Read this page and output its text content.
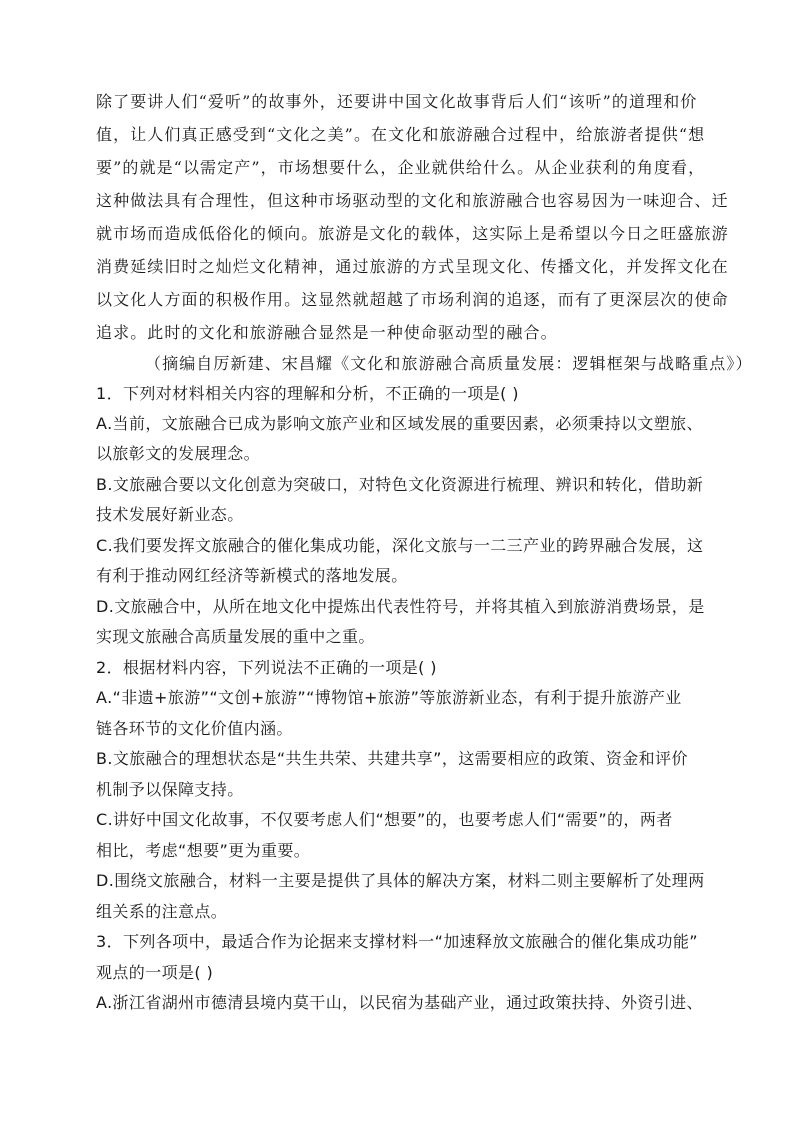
除了要讲人们“爱听”的故事外，还要讲中国文化故事背后人们“该听”的道理和价
值，让人们真正感受到“文化之美”。在文化和旅游融合过程中，给旅游者提供“想
要”的就是“以需定产”，市场想要什么，企业就供给什么。从企业获利的角度看，
这种做法具有合理性，但这种市场驱动型的文化和旅游融合也容易因为一味迎合、迁
就市场而造成低俗化的倾向。旅游是文化的载体，这实际上是希望以今日之旺盛旅游
消费延续旧时之灿烂文化精神，通过旅游的方式呈现文化、传播文化，并发挥文化在
以文化人方面的积极作用。这显然就超越了市场利润的追逐，而有了更深层次的使命
追求。此时的文化和旅游融合显然是一种使命驱动型的融合。
（摘编自厉新建、宋昌耀《文化和旅游融合高质量发展：逻辑框架与战略重点》）
1．下列对材料相关内容的理解和分析，不正确的一项是( )
A.当前，文旅融合已成为影响文旅产业和区域发展的重要因素，必须秉持以文塑旅、
以旅彰文的发展理念。
B.文旅融合要以文化创意为突破口，对特色文化资源进行梳理、辨识和转化，借助新
技术发展好新业态。
C.我们要发挥文旅融合的催化集成功能，深化文旅与一二三产业的跨界融合发展，这
有利于推动网红经济等新模式的落地发展。
D.文旅融合中，从所在地文化中提炼出代表性符号，并将其植入到旅游消费场景，是
实现文旅融合高质量发展的重中之重。
2．根据材料内容，下列说法不正确的一项是( )
A.“非遗+旅游”“文创+旅游”“博物馆+旅游”等旅游新业态，有利于提升旅游产业
链各环节的文化价值内涵。
B.文旅融合的理想状态是“共生共荣、共建共享”，这需要相应的政策、资金和评价
机制予以保障支持。
C.讲好中国文化故事，不仅要考虑人们“想要”的，也要考虑人们“需要”的，两者
相比，考虑“想要”更为重要。
D.围绕文旅融合，材料一主要是提供了具体的解决方案，材料二则主要解析了处理两
组关系的注意点。
3．下列各项中，最适合作为论据来支撑材料一“加速释放文旅融合的催化集成功能”
观点的一项是( )
A.浙江省湖州市德清县境内莫干山，以民宿为基础产业，通过政策扶持、外资引进、
